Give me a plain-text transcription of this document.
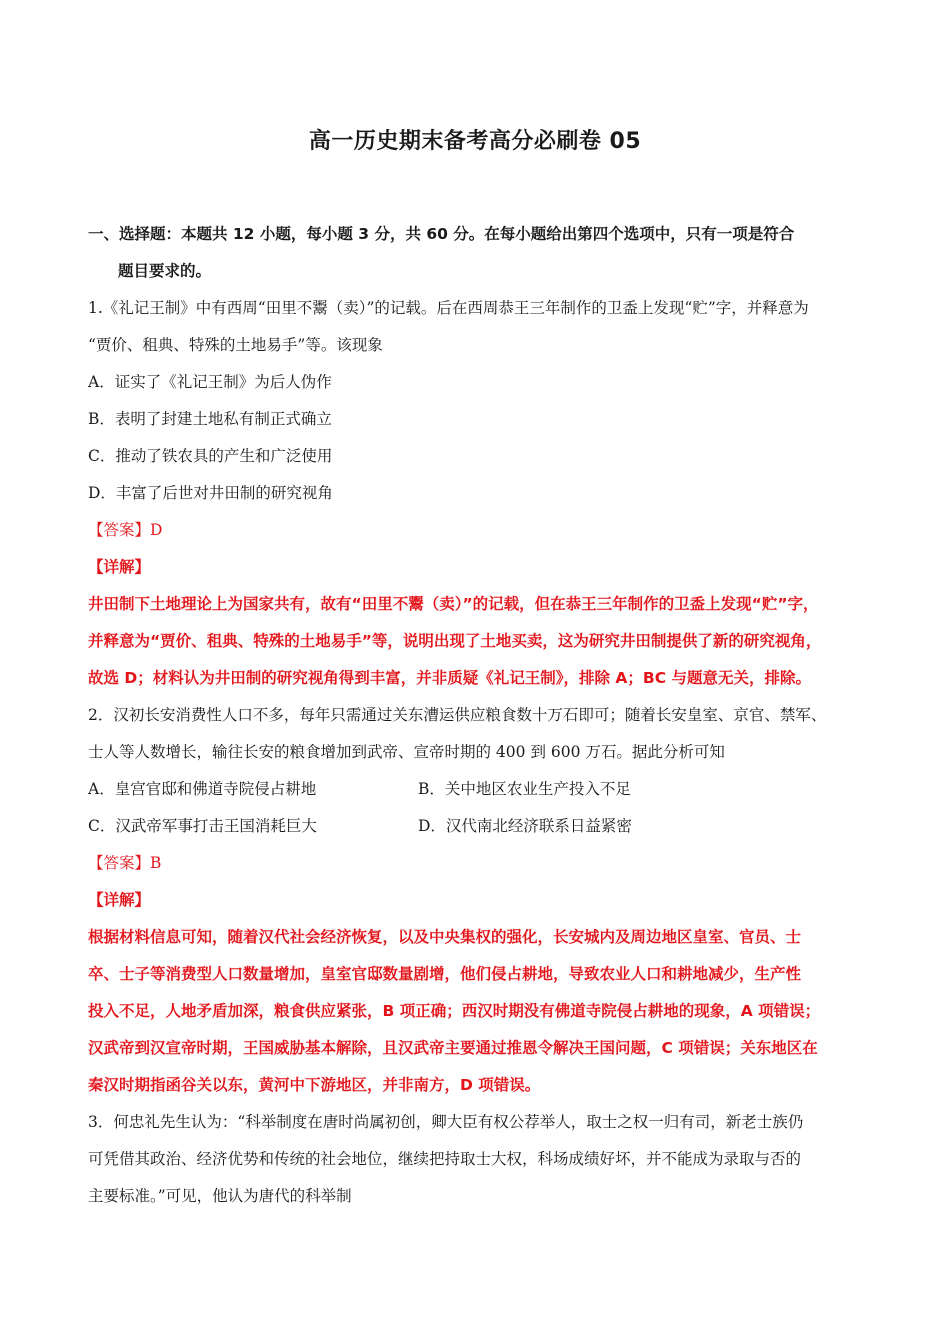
高一历史期末备考高分必刷卷 05
一、选择题：本题共 12 小题，每小题 3 分，共 60 分。在每小题给出第四个选项中，只有一项是符合
题目要求的。
1.《礼记王制》中有西周“田里不鬻（卖）”的记载。后在西周恭王三年制作的卫盉上发现“贮”字，并释意为
“贾价、租典、特殊的土地易手”等。该现象
A．证实了《礼记王制》为后人伪作
B．表明了封建土地私有制正式确立
C．推动了铁农具的产生和广泛使用
D．丰富了后世对井田制的研究视角
【答案】D
【详解】
井田制下土地理论上为国家共有，故有“田里不鬻（卖）”的记载，但在恭王三年制作的卫盉上发现“贮”字，
并释意为“贾价、租典、特殊的土地易手”等，说明出现了土地买卖，这为研究井田制提供了新的研究视角，
故选 D；材料认为井田制的研究视角得到丰富，并非质疑《礼记王制》，排除 A；BC 与题意无关，排除。
2．汉初长安消费性人口不多，每年只需通过关东漕运供应粮食数十万石即可；随着长安皇室、京官、禁军、
士人等人数增长，输往长安的粮食增加到武帝、宣帝时期的 400 到 600 万石。据此分析可知
A．皇宫官邸和佛道寺院侵占耕地	B．关中地区农业生产投入不足
C．汉武帝军事打击王国消耗巨大	D．汉代南北经济联系日益紧密
【答案】B
【详解】
根据材料信息可知，随着汉代社会经济恢复，以及中央集权的强化，长安城内及周边地区皇室、官员、士
卒、士子等消费型人口数量增加，皇室官邸数量剧增，他们侵占耕地，导致农业人口和耕地减少，生产性
投入不足，人地矛盾加深，粮食供应紧张，B 项正确；西汉时期没有佛道寺院侵占耕地的现象，A 项错误；
汉武帝到汉宣帝时期，王国威胁基本解除，且汉武帝主要通过推恩令解决王国问题，C 项错误；关东地区在
秦汉时期指函谷关以东，黄河中下游地区，并非南方，D 项错误。
3．何忠礼先生认为：“科举制度在唐时尚属初创，卿大臣有权公荐举人，取士之权一归有司，新老士族仍
可凭借其政治、经济优势和传统的社会地位，继续把持取士大权，科场成绩好坏，并不能成为录取与否的
主要标准。”可见，他认为唐代的科举制
